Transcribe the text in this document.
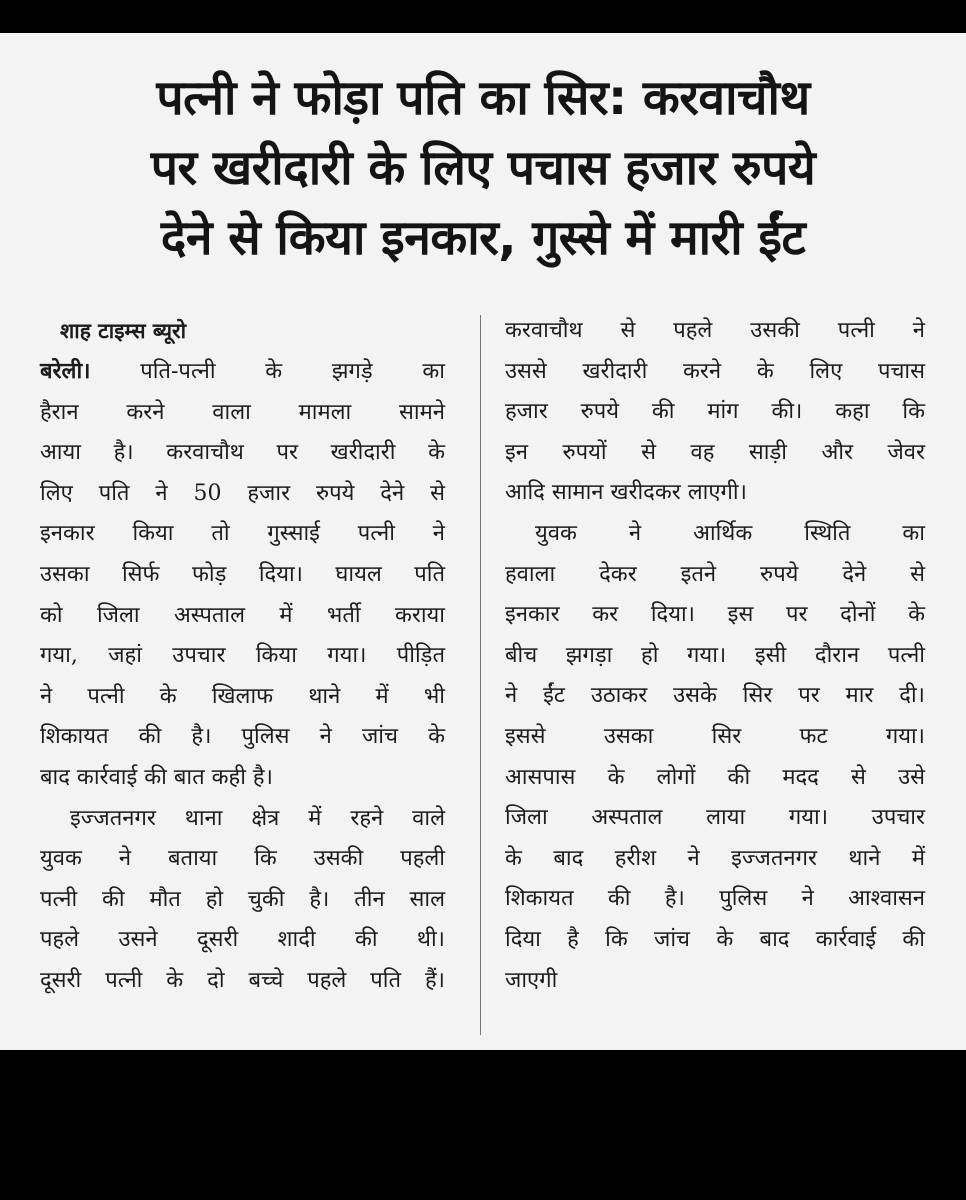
पत्नी ने फोड़ा पति का सिर: करवाचौथ
पर खरीदारी के लिए पचास हजार रुपये
देने से किया इनकार, गुस्से में मारी ईंट

शाह टाइम्स ब्यूरो

बरेली। पति-पत्नी के झगड़े का
हैरान करने वाला मामला सामने
आया है। करवाचौथ पर खरीदारी के
लिए पति ने 50 हजार रुपये देने से
इनकार किया तो गुस्साई पत्नी ने
उसका सिर्फ फोड़ दिया। घायल पति
को जिला अस्पताल में भर्ती कराया
गया, जहां उपचार किया गया। पीड़ित
ने पत्नी के खिलाफ थाने में भी
शिकायत की है। पुलिस ने जांच के
बाद कार्रवाई की बात कही है।

इज्जतनगर थाना क्षेत्र में रहने वाले
युवक ने बताया कि उसकी पहली
पत्नी की मौत हो चुकी है। तीन साल
पहले उसने दूसरी शादी की थी।
दूसरी पत्नी के दो बच्चे पहले पति हैं।

करवाचौथ से पहले उसकी पत्नी ने
उससे खरीदारी करने के लिए पचास
हजार रुपये की मांग की। कहा कि
इन रुपयों से वह साड़ी और जेवर
आदि सामान खरीदकर लाएगी।

युवक ने आर्थिक स्थिति का
हवाला देकर इतने रुपये देने से
इनकार कर दिया। इस पर दोनों के
बीच झगड़ा हो गया। इसी दौरान पत्नी
ने ईंट उठाकर उसके सिर पर मार दी।
इससे उसका सिर फट गया।
आसपास के लोगों की मदद से उसे
जिला अस्पताल लाया गया। उपचार
के बाद हरीश ने इज्जतनगर थाने में
शिकायत की है। पुलिस ने आश्वासन
दिया है कि जांच के बाद कार्रवाई की
जाएगी
